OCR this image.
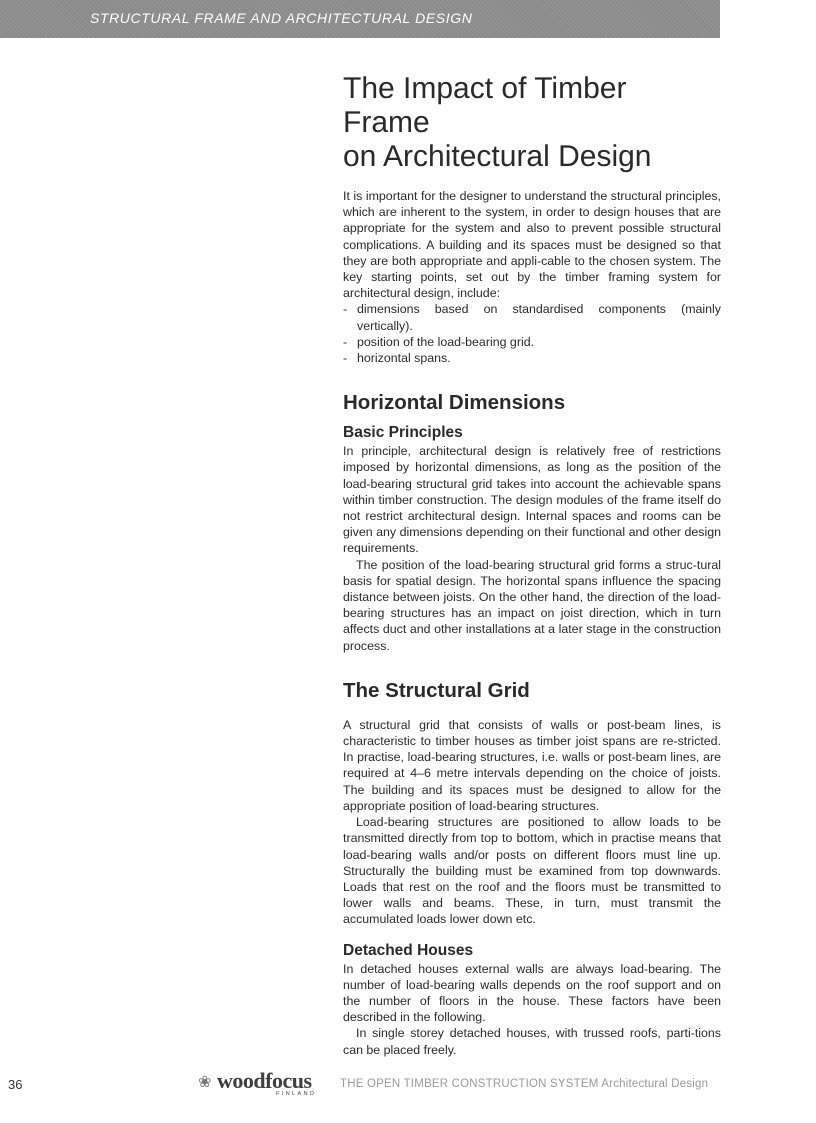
STRUCTURAL FRAME AND ARCHITECTURAL DESIGN
The Impact of Timber Frame
on Architectural Design

It is important for the designer to understand the structural principles, which are inherent to the system, in order to design houses that are appropriate for the system and also to prevent possible structural complications. A building and its spaces must be designed so that they are both appropriate and appli-cable to the chosen system. The key starting points, set out by the timber framing system for architectural design, include:

- dimensions based on standardised components (mainly vertically).
- position of the load-bearing grid.
- horizontal spans.
Horizontal Dimensions
Basic Principles

In principle, architectural design is relatively free of restrictions imposed by horizontal dimensions, as long as the position of the load-bearing structural grid takes into account the achievable spans within timber construction. The design modules of the frame itself do not restrict architectural design. Internal spaces and rooms can be given any dimensions depending on their functional and other design requirements.

The position of the load-bearing structural grid forms a struc-tural basis for spatial design. The horizontal spans influence the spacing distance between joists. On the other hand, the direction of the load-bearing structures has an impact on joist direction, which in turn affects duct and other installations at a later stage in the construction process.

The Structural Grid

A structural grid that consists of walls or post-beam lines, is characteristic to timber houses as timber joist spans are re-stricted. In practise, load-bearing structures, i.e. walls or post-beam lines, are required at 4–6 metre intervals depending on the choice of joists. The building and its spaces must be designed to allow for the appropriate position of load-bearing structures.

Load-bearing structures are positioned to allow loads to be transmitted directly from top to bottom, which in practise means that load-bearing walls and/or posts on different floors must line up. Structurally the building must be examined from top downwards. Loads that rest on the roof and the floors must be transmitted to lower walls and beams. These, in turn, must transmit the accumulated loads lower down etc.

Detached Houses

In detached houses external walls are always load-bearing. The number of load-bearing walls depends on the roof support and on the number of floors in the house. These factors have been described in the following.

In single storey detached houses, with trussed roofs, parti-tions can be placed freely.

36	❀ woodfocus
FINLAND
THE OPEN TIMBER CONSTRUCTION SYSTEM Architectural Design
